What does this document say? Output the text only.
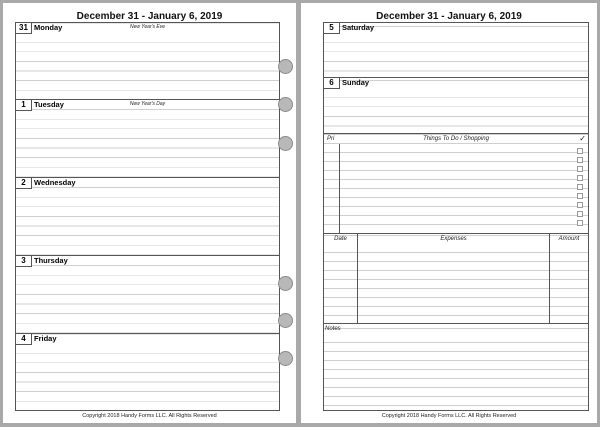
December 31 - January 6, 2019
New Year's Eve
31 Monday
New Year's Day
1	Tuesday
2	Wednesday
3	Thursday
4	Friday
Copyright 2018 Handy Forms LLC. All Rights Reserved
December 31 - January 6, 2019
5	Saturday
6	Sunday
Pri	Things To Do / Shopping	✓
Date	Expenses	Amount
Notes
Copyright 2018 Handy Forms LLC. All Rights Reserved
